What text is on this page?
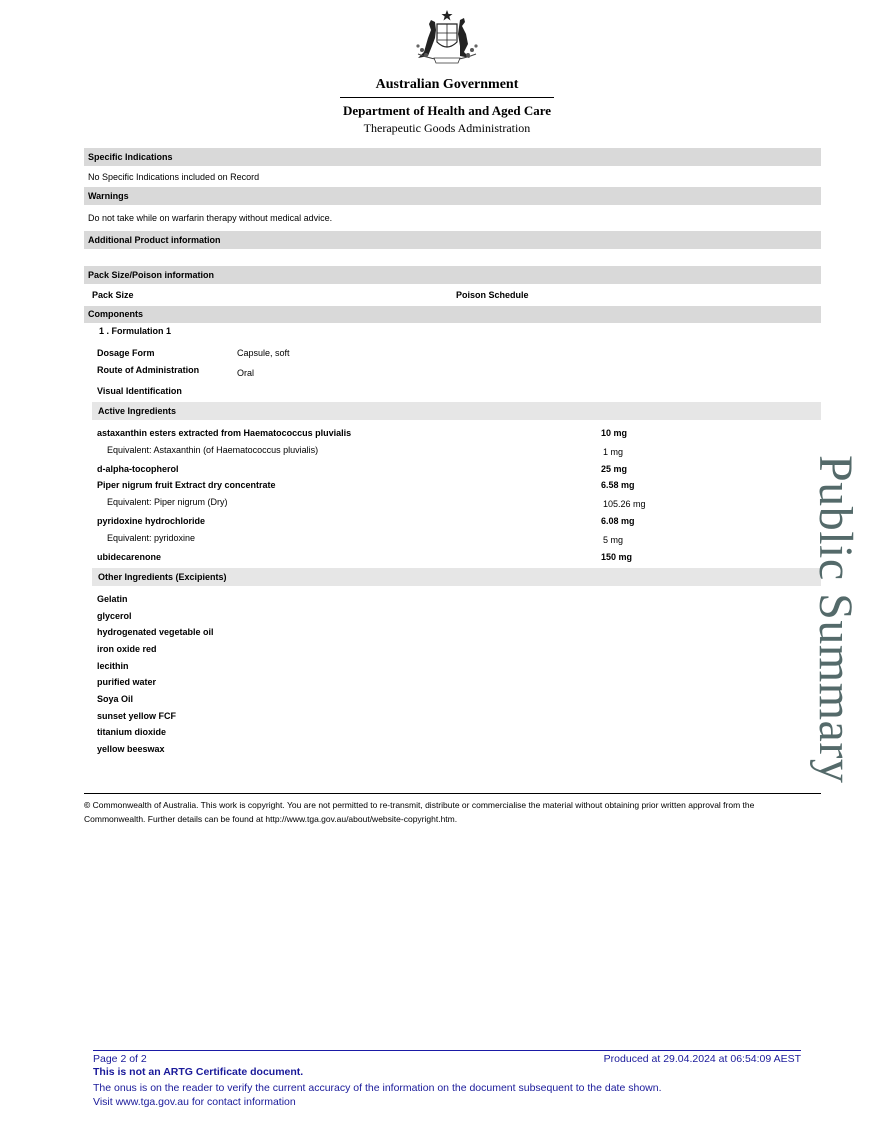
Australian Government
Department of Health and Aged Care
Therapeutic Goods Administration
Specific Indications
No Specific Indications included on Record
Warnings
Do not take while on warfarin therapy without medical advice.
Additional Product information
Pack Size/Poison information
Pack Size	Poison Schedule
Components
1 . Formulation 1
Dosage Form	Capsule, soft
Route of Administration	Oral
Visual Identification
Active Ingredients
astaxanthin esters extracted from Haematococcus pluvialis	10 mg
Equivalent: Astaxanthin (of Haematococcus pluvialis)	1 mg
d-alpha-tocopherol	25 mg
Piper nigrum fruit Extract dry concentrate	6.58 mg
Equivalent: Piper nigrum (Dry)	105.26 mg
pyridoxine hydrochloride	6.08 mg
Equivalent: pyridoxine	5 mg
ubidecarenone	150 mg
Other Ingredients (Excipients)
Gelatin
glycerol
hydrogenated vegetable oil
iron oxide red
lecithin
purified water
Soya Oil
sunset yellow FCF
titanium dioxide
yellow beeswax	Public Summary
© Commonwealth of Australia. This work is copyright. You are not permitted to re-transmit, distribute or commercialise the material without obtaining prior written approval from the Commonwealth. Further details can be found at http://www.tga.gov.au/about/website-copyright.htm.
Page 2 of 2	Produced at 29.04.2024 at 06:54:09 AEST
This is not an ARTG Certificate document.
The onus is on the reader to verify the current accuracy of the information on the document subsequent to the date shown.
Visit www.tga.gov.au for contact information
